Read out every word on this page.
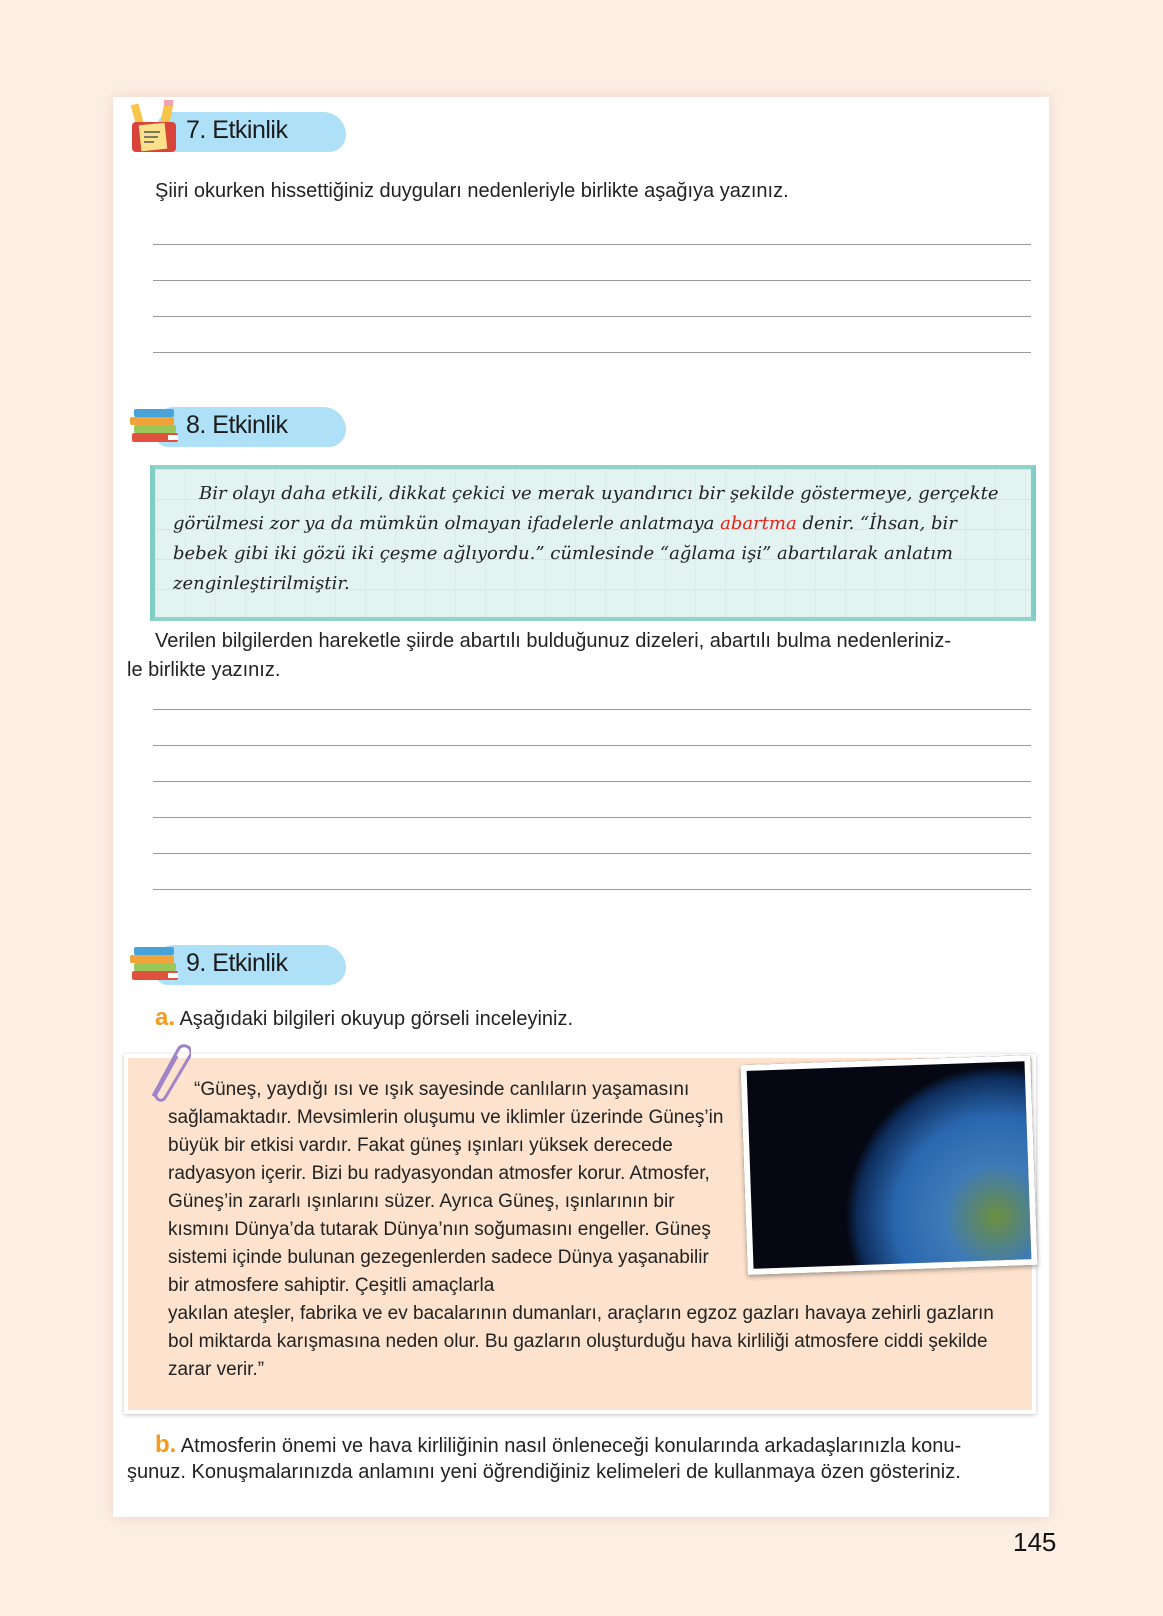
7. Etkinlik
Şiiri okurken hissettiğiniz duyguları nedenleriyle birlikte aşağıya yazınız.
8. Etkinlik

Bir olayı daha etkili, dikkat çekici ve merak uyandırıcı bir şekilde göstermeye, gerçekte görülmesi zor ya da mümkün olmayan ifadelerle anlatmaya abartma denir. “İhsan, bir bebek gibi iki gözü iki çeşme ağlıyordu.” cümlesinde “ağlama işi” abartılarak anlatım zenginleştirilmiştir.

Verilen bilgilerden hareketle şiirde abartılı bulduğunuz dizeleri, abartılı bulma nedenleriniz-
le birlikte yazınız.
9. Etkinlik
a. Aşağıdaki bilgileri okuyup görseli inceleyiniz.

“Güneş, yaydığı ısı ve ışık sayesinde canlıların yaşamasını sağlamaktadır. Mevsimlerin oluşumu ve iklimler üzerinde Güneş’in büyük bir etkisi vardır. Fakat güneş ışınları yüksek derecede radyasyon içerir. Bizi bu radyasyondan atmosfer korur. Atmosfer, Güneş’in zararlı ışınlarını süzer. Ayrıca Güneş, ışınlarının bir kısmını Dünya’da tutarak Dünya’nın soğumasını engeller. Güneş sistemi içinde bulunan gezegenlerden sadece Dünya yaşanabilir bir atmosfere sahiptir. Çeşitli amaçlarla
yakılan ateşler, fabrika ve ev bacalarının dumanları, araçların egzoz gazları havaya zehirli gazların bol miktarda karışmasına neden olur. Bu gazların oluşturduğu hava kirliliği atmosfere ciddi şekilde zarar verir.”

b. Atmosferin önemi ve hava kirliliğinin nasıl önleneceği konularında arkadaşlarınızla konu-
şunuz. Konuşmalarınızda anlamını yeni öğrendiğiniz kelimeleri de kullanmaya özen gösteriniz.
145
